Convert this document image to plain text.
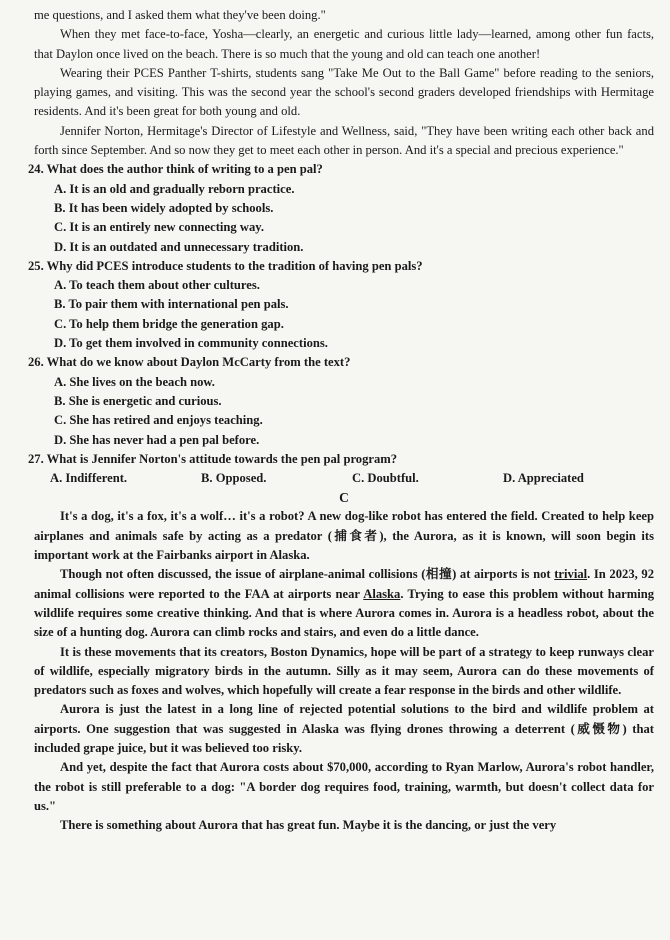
me questions, and I asked them what they've been doing."

When they met face-to-face, Yosha—clearly, an energetic and curious little lady—learned, among other fun facts, that Daylon once lived on the beach. There is so much that the young and old can teach one another!

Wearing their PCES Panther T-shirts, students sang "Take Me Out to the Ball Game" before reading to the seniors, playing games, and visiting. This was the second year the school's second graders developed friendships with Hermitage residents. And it's been great for both young and old.

Jennifer Norton, Hermitage's Director of Lifestyle and Wellness, said, "They have been writing each other back and forth since September. And so now they get to meet each other in person. And it's a special and precious experience."

24. What does the author think of writing to a pen pal?

A. It is an old and gradually reborn practice.

B. It has been widely adopted by schools.

C. It is an entirely new connecting way.

D. It is an outdated and unnecessary tradition.

25. Why did PCES introduce students to the tradition of having pen pals?

A. To teach them about other cultures.

B. To pair them with international pen pals.

C. To help them bridge the generation gap.

D. To get them involved in community connections.

26. What do we know about Daylon McCarty from the text?

A. She lives on the beach now.

B. She is energetic and curious.

C. She has retired and enjoys teaching.

D. She has never had a pen pal before.

27. What is Jennifer Norton's attitude towards the pen pal program?

A. Indifferent.	B. Opposed.	C. Doubtful.	D. Appreciated

C

It's a dog, it's a fox, it's a wolf… it's a robot? A new dog-like robot has entered the field. Created to help keep airplanes and animals safe by acting as a predator (捕食者), the Aurora, as it is known, will soon begin its important work at the Fairbanks airport in Alaska.

Though not often discussed, the issue of airplane-animal collisions (相撞) at airports is not trivial. In 2023, 92 animal collisions were reported to the FAA at airports near Alaska. Trying to ease this problem without harming wildlife requires some creative thinking. And that is where Aurora comes in. Aurora is a headless robot, about the size of a hunting dog. Aurora can climb rocks and stairs, and even do a little dance.

It is these movements that its creators, Boston Dynamics, hope will be part of a strategy to keep runways clear of wildlife, especially migratory birds in the autumn. Silly as it may seem, Aurora can do these movements of predators such as foxes and wolves, which hopefully will create a fear response in the birds and other wildlife.

Aurora is just the latest in a long line of rejected potential solutions to the bird and wildlife problem at airports. One suggestion that was suggested in Alaska was flying drones throwing a deterrent (威慑物) that included grape juice, but it was believed too risky.

And yet, despite the fact that Aurora costs about $70,000, according to Ryan Marlow, Aurora's robot handler, the robot is still preferable to a dog: "A border dog requires food, training, warmth, but doesn't collect data for us."

There is something about Aurora that has great fun. Maybe it is the dancing, or just the very
